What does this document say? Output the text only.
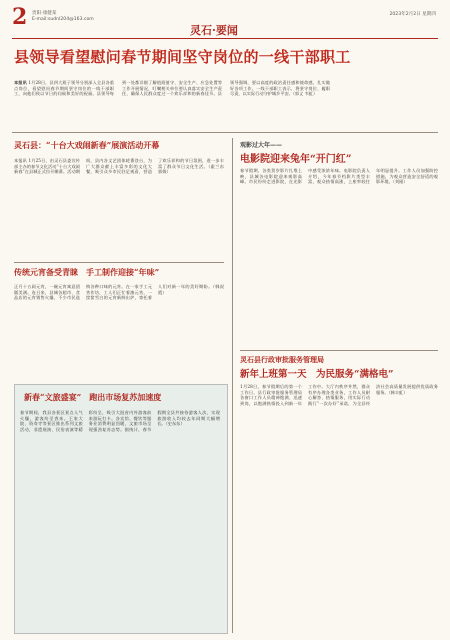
2 贵阳·康健某
E-mail:sudnl204@163.com
灵石·要闻
2023年2月2日 星期四
县领导看望慰问春节期间坚守岗位的一线干部职工
本报讯 1月28日，县四大班子领导分别深入全县各重点岗位，看望慰问春节期间坚守岗位的一线干部职工，向他们致以节日的问候和美好的祝福。县领导每到一处都详细了解值班值守、安全生产、应急处置等工作开展情况，叮嘱相关单位要认真落实安全生产责任，确保人民群众度过一个欢乐祥和的新春佳节。县领导强调，要以高度的政治责任感和使命感，扎实做好各项工作。一线干部职工表示，将坚守岗位、履职尽责，以实际行动守护城乡平安。（郭义 韦虹）
灵石县：“十台大戏闹新春”展演活动开幕
本报讯 1月25日，由灵石县委宣传部主办的春节文化活动“十台大戏闹新春”在县城正式拉开帷幕。活动期间，县内各文艺团体轮番登台，为广大群众献上丰富多彩的文化大餐，吸引众多市民驻足观看，营造了欢乐祥和的节日氛围，进一步丰富了群众节日文化生活。（霍兰东 郭姝）
传统元宵备受青睐　手工制作迎接“年味”
正月十五闹元宵，一碗元宵寓意团圆美满。连日来，县城各超市、食品店的元宵销售火爆，不少市民选购各种口味的元宵。在一家手工元宵作坊，工人们正忙着滚元宵，一筐筐雪白的元宵新鲜出炉，寄托着人们对新一年的美好期盼。（韩叔霞）
新春“文旅盛宴”　跑出市场复苏加速度
春节期间，我县各景区景点人气火爆，游客纷至沓来。王家大院、资寿寺等景区推出系列文旅活动，非遗展演、民俗表演等精彩纷呈，吸引大批省内外游客前来游玩打卡。各宾馆、餐饮等服务业消费明显回暖，文旅市场呈现强劲复苏态势。据统计，春节假期全县共接待游客人次、实现旅游收入均较去年同期大幅增长。（史东东）
观影过大年——
电影院迎来兔年“开门红”
春节假期，各类贺岁影片扎堆上映，县城各电影院迎来观影高峰。市民纷纷走进影院，在光影中感受浓浓年味。电影院负责人介绍，今年春节档影片类型丰富，观众热情高涨，上座率较往年明显提升。工作人员加强防控措施，为观众营造安全舒适的观影环境。（刘刚）
灵石县行政审批服务管理局
新年上班第一天　为民服务“满格电”
1月28日，春节假期后的第一个工作日，县行政审批服务管理局各窗口工作人员精神饱满、迅速到岗，以饱满热情投入到新一年工作中。大厅内秩序井然，群众有序办理各类业务，工作人员耐心解答、热情服务，用实际行动践行“一次办好”承诺，为全县经济社会高质量发展提供优质政务服务。（韩丰虹）
